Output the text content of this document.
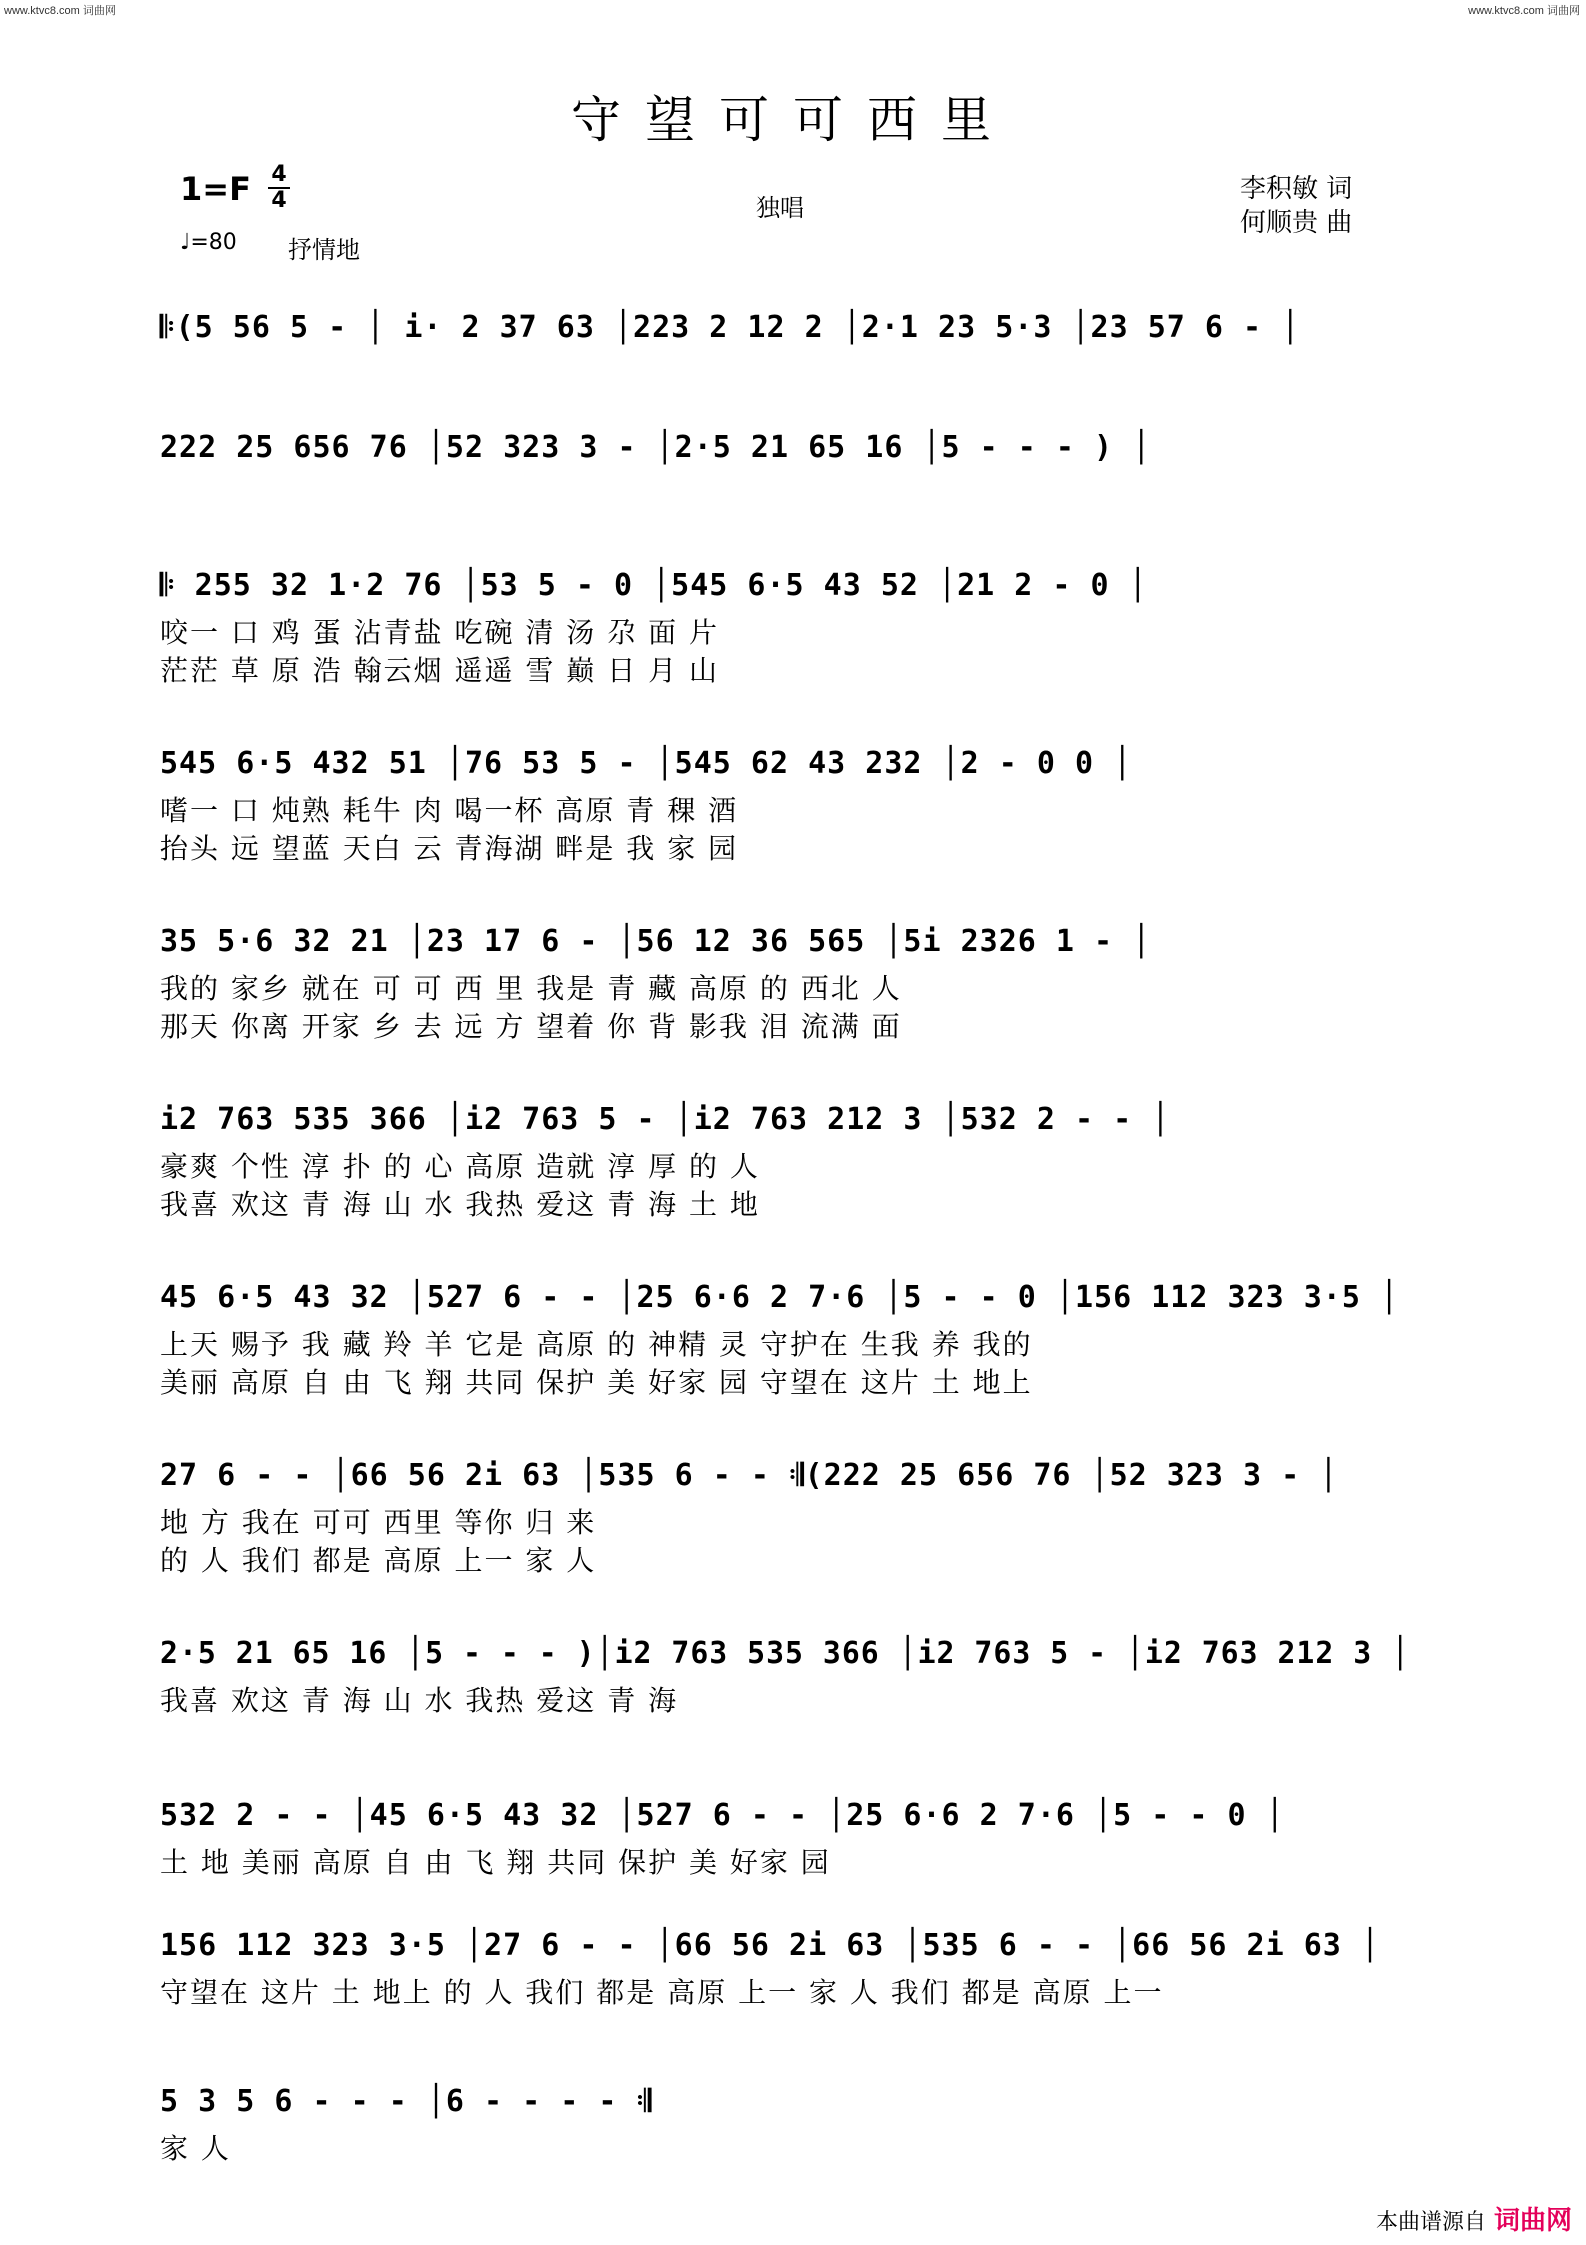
www.ktvc8.com 词曲网	www.ktvc8.com 词曲网
守望可可西里
1=F 4
4
♩=80 抒情地
独唱
李积敏 词
何顺贵 曲
𝄆(5 56 5 - │ i· 2 37 63 │223 2 12 2 │2·1 23 5·3 │23 57 6 - │
222 25 656 76 │52 323 3 - │2·5 21 65 16 │5 - - - ) │
𝄆 255 32 1·2 76 │53 5 - 0 │545 6·5 43 52 │21 2 - 0 │
咬一 口 鸡 蛋 沾青盐 吃碗 清 汤 尕 面 片
茫茫 草 原 浩 翰云烟 遥遥 雪 巅 日 月 山
545 6·5 432 51 │76 53 5 - │545 62 43 232 │2 - 0 0 │
嗜一 口 炖熟 耗牛 肉 喝一杯 高原 青 稞 酒
抬头 远 望蓝 天白 云 青海湖 畔是 我 家 园
35 5·6 32 21 │23 17 6 - │56 12 36 565 │5i 2326 1 - │
我的 家乡 就在 可 可 西 里 我是 青 藏 高原 的 西北 人
那天 你离 开家 乡 去 远 方 望着 你 背 影我 泪 流满 面
i2 763 535 366 │i2 763 5 - │i2 763 212 3 │532 2 - - │
豪爽 个性 淳 扑 的 心 高原 造就 淳 厚 的 人
我喜 欢这 青 海 山 水 我热 爱这 青 海 土 地
45 6·5 43 32 │527 6 - - │25 6·6 2 7·6 │5 - - 0 │156 112 323 3·5 │
上天 赐予 我 藏 羚 羊 它是 高原 的 神精 灵 守护在 生我 养 我的
美丽 高原 自 由 飞 翔 共同 保护 美 好家 园 守望在 这片 土 地上
27 6 - - │66 56 2i 63 │535 6 - - 𝄇(222 25 656 76 │52 323 3 - │
地 方 我在 可可 西里 等你 归 来
的 人 我们 都是 高原 上一 家 人
2·5 21 65 16 │5 - - - )│i2 763 535 366 │i2 763 5 - │i2 763 212 3 │
我喜 欢这 青 海 山 水 我热 爱这 青 海
532 2 - - │45 6·5 43 32 │527 6 - - │25 6·6 2 7·6 │5 - - 0 │
土 地 美丽 高原 自 由 飞 翔 共同 保护 美 好家 园
156 112 323 3·5 │27 6 - - │66 56 2i 63 │535 6 - - │66 56 2i 63 │
守望在 这片 土 地上 的 人 我们 都是 高原 上一 家 人 我们 都是 高原 上一
5 3 5 6 - - - │6 - - - - 𝄇
家 人
本曲谱源自 词曲网
